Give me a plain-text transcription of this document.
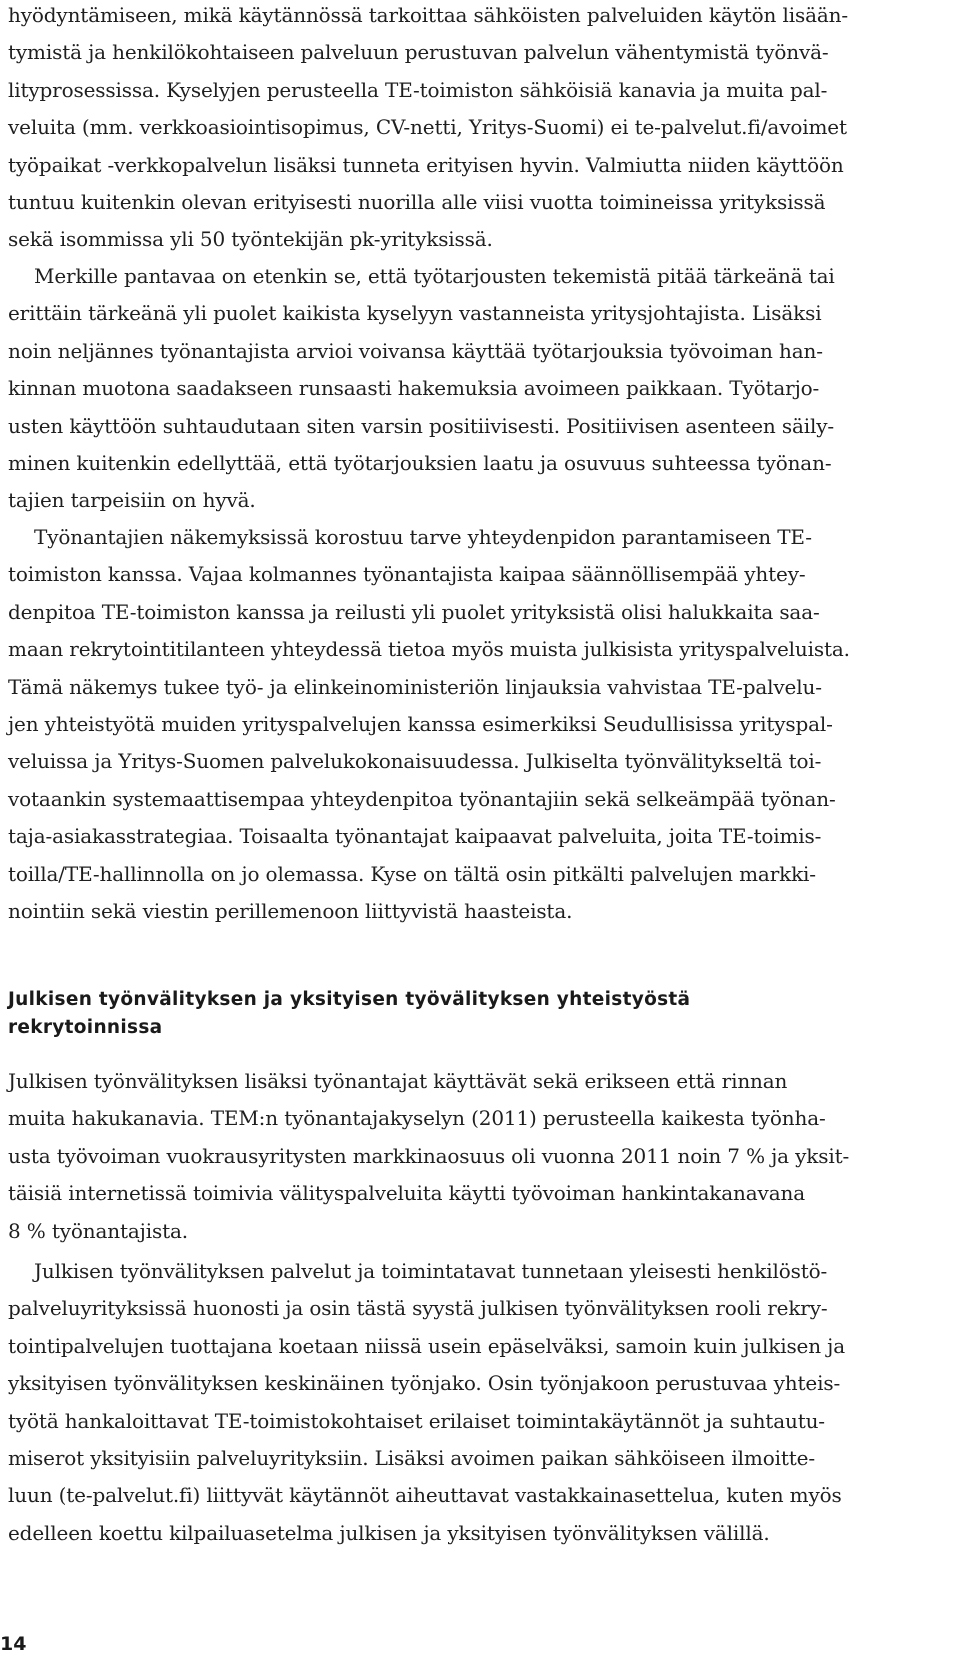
hyödyntämiseen, mikä käytännössä tarkoittaa sähköisten palveluiden käytön lisään-
tymistä ja henkilökohtaiseen palveluun perustuvan palvelun vähentymistä työnvä-
lityprosessissa. Kyselyjen perusteella TE-toimiston sähköisiä kanavia ja muita pal-
veluita (mm. verkkoasiointisopimus, CV-netti, Yritys-Suomi) ei te-palvelut.fi/avoimet
työpaikat -verkkopalvelun lisäksi tunneta erityisen hyvin. Valmiutta niiden käyttöön
tuntuu kuitenkin olevan erityisesti nuorilla alle viisi vuotta toimineissa yrityksissä
sekä isommissa yli 50 työntekijän pk-yrityksissä.
Merkille pantavaa on etenkin se, että työtarjousten tekemistä pitää tärkeänä tai
erittäin tärkeänä yli puolet kaikista kyselyyn vastanneista yritysjohtajista. Lisäksi
noin neljännes työnantajista arvioi voivansa käyttää työtarjouksia työvoiman han-
kinnan muotona saadakseen runsaasti hakemuksia avoimeen paikkaan. Työtarjo-
usten käyttöön suhtaudutaan siten varsin positiivisesti. Positiivisen asenteen säily-
minen kuitenkin edellyttää, että työtarjouksien laatu ja osuvuus suhteessa työnan-
tajien tarpeisiin on hyvä.
Työnantajien näkemyksissä korostuu tarve yhteydenpidon parantamiseen TE-
toimiston kanssa. Vajaa kolmannes työnantajista kaipaa säännöllisempää yhtey-
denpitoa TE-toimiston kanssa ja reilusti yli puolet yrityksistä olisi halukkaita saa-
maan rekrytointitilanteen yhteydessä tietoa myös muista julkisista yrityspalveluista.
Tämä näkemys tukee työ- ja elinkeinoministeriön linjauksia vahvistaa TE-palvelu-
jen yhteistyötä muiden yrityspalvelujen kanssa esimerkiksi Seudullisissa yrityspal-
veluissa ja Yritys-Suomen palvelukokonaisuudessa. Julkiselta työnvälitykseltä toi-
votaankin systemaattisempaa yhteydenpitoa työnantajiin sekä selkeämpää työnan-
taja-asiakasstrategiaa. Toisaalta työnantajat kaipaavat palveluita, joita TE-toimis-
toilla/TE-hallinnolla on jo olemassa. Kyse on tältä osin pitkälti palvelujen markki-
nointiin sekä viestin perillemenoon liittyvistä haasteista.
Julkisen työnvälityksen ja yksityisen työvälityksen yhteistyöstä
rekrytoinnissa
Julkisen työnvälityksen lisäksi työnantajat käyttävät sekä erikseen että rinnan
muita hakukanavia. TEM:n työnantajakyselyn (2011) perusteella kaikesta työnha-
usta työvoiman vuokrausyritysten markkinaosuus oli vuonna 2011 noin 7 % ja yksit-
täisiä internetissä toimivia välityspalveluita käytti työvoiman hankintakanavana
8 % työnantajista.
Julkisen työnvälityksen palvelut ja toimintatavat tunnetaan yleisesti henkilöstö-
palveluyrityksissä huonosti ja osin tästä syystä julkisen työnvälityksen rooli rekry-
tointipalvelujen tuottajana koetaan niissä usein epäselväksi, samoin kuin julkisen ja
yksityisen työnvälityksen keskinäinen työnjako. Osin työnjakoon perustuvaa yhteis-
työtä hankaloittavat TE-toimistokohtaiset erilaiset toimintakäytännöt ja suhtautu-
miserot yksityisiin palveluyrityksiin. Lisäksi avoimen paikan sähköiseen ilmoitte-
luun (te-palvelut.fi) liittyvät käytännöt aiheuttavat vastakkainasettelua, kuten myös
edelleen koettu kilpailuasetelma julkisen ja yksityisen työnvälityksen välillä.
14
